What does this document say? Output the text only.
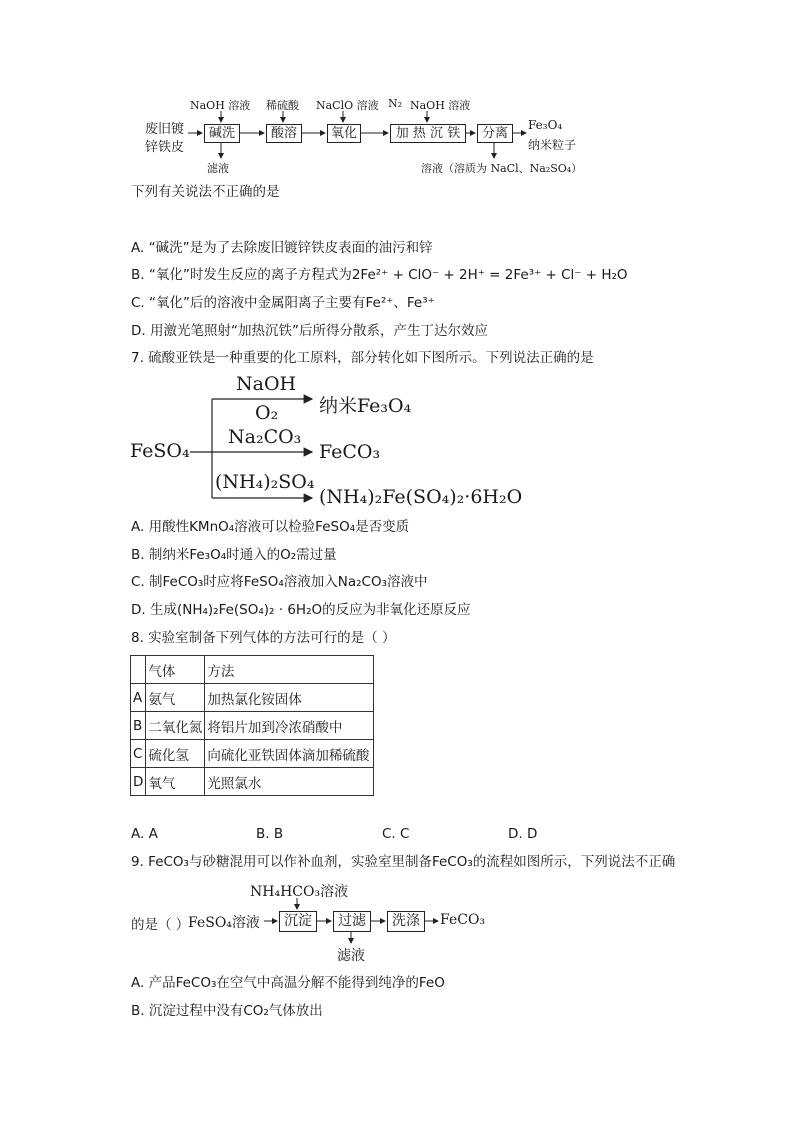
废旧镀
锌铁皮
NaOH 溶液 稀硫酸 NaClO 溶液 N₂ NaOH 溶液
碱洗	酸溶	氧化	加 热 沉 铁	分离
Fe₃O₄
纳米粒子
滤液	溶液（溶质为 NaCl、Na₂SO₄）
下列有关说法不正确的是
A. “碱洗”是为了去除废旧镀锌铁皮表面的油污和锌
B. “氧化”时发生反应的离子方程式为2Fe²⁺ + ClO⁻ + 2H⁺ = 2Fe³⁺ + Cl⁻ + H₂O
C. “氧化”后的溶液中金属阳离子主要有Fe²⁺、Fe³⁺
D. 用激光笔照射“加热沉铁”后所得分散系，产生丁达尔效应
7. 硫酸亚铁是一种重要的化工原料，部分转化如下图所示。下列说法正确的是
FeSO₄
NaOH
O₂ 纳米Fe₃O₄
Na₂CO₃
FeCO₃
(NH₄)₂SO₄
(NH₄)₂Fe(SO₄)₂·6H₂O
A. 用酸性KMnO₄溶液可以检验FeSO₄是否变质
B. 制纳米Fe₃O₄时通入的O₂需过量
C. 制FeCO₃时应将FeSO₄溶液加入Na₂CO₃溶液中
D. 生成(NH₄)₂Fe(SO₄)₂ · 6H₂O的反应为非氧化还原反应
8. 实验室制备下列气体的方法可行的是（ ）
	气体	方法
A	氨气	加热氯化铵固体
B	二氧化氮	将铝片加到冷浓硝酸中
C	硫化氢	向硫化亚铁固体滴加稀硫酸
D	氧气	光照氯水
A. A	B. B	C. C	D. D
9. FeCO₃与砂糖混用可以作补血剂，实验室里制备FeCO₃的流程如图所示，下列说法不正确
的是（ ）
FeSO₄溶液
NH₄HCO₃溶液
沉淀	过滤	洗涤	FeCO₃
滤液
A. 产品FeCO₃在空气中高温分解不能得到纯净的FeO
B. 沉淀过程中没有CO₂气体放出
